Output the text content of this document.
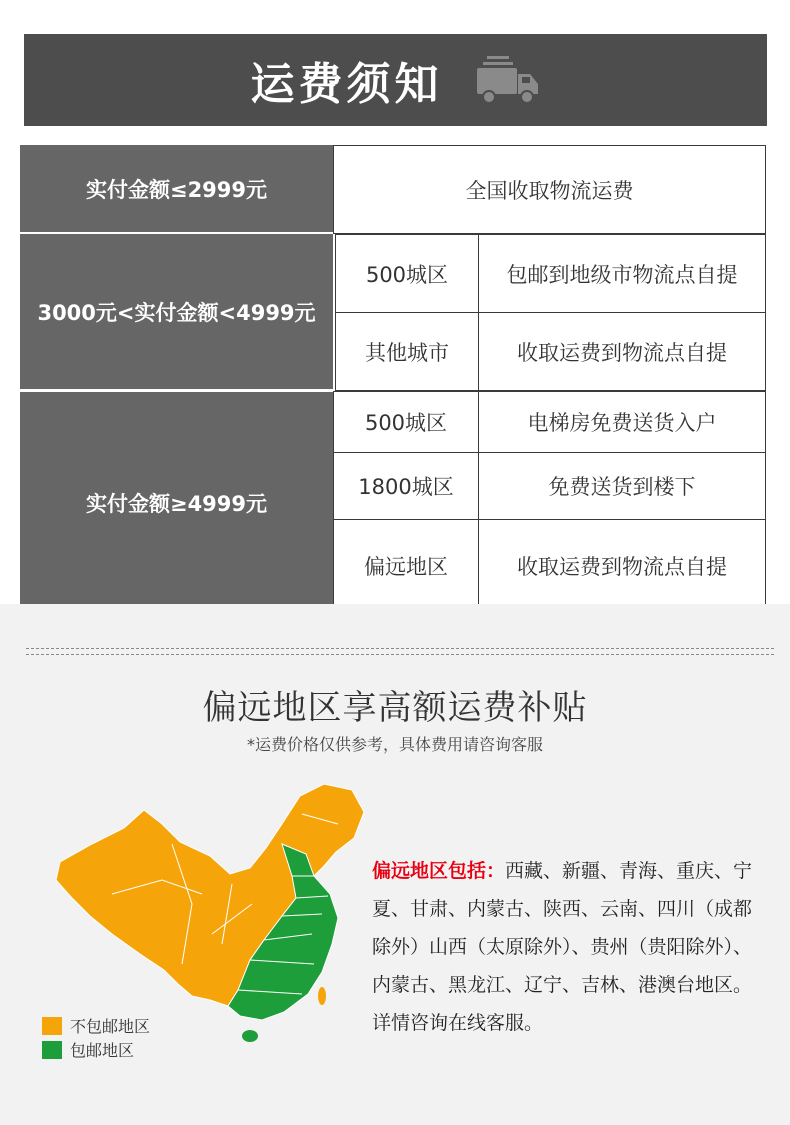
运费须知
实付金额≤2999元	全国收取物流运费
3000元<实付金额<4999元
500城区	包邮到地级市物流点自提
其他城市	收取运费到物流点自提
实付金额≥4999元
500城区	电梯房免费送货入户
1800城区	免费送货到楼下
偏远地区	收取运费到物流点自提
偏远地区享高额运费补贴
*运费价格仅供参考，具体费用请咨询客服
不包邮地区
包邮地区
偏远地区包括：西藏、新疆、青海、重庆、宁夏、甘肃、内蒙古、陕西、云南、四川（成都除外）山西（太原除外）、贵州（贵阳除外）、内蒙古、黑龙江、辽宁、吉林、港澳台地区。详情咨询在线客服。
